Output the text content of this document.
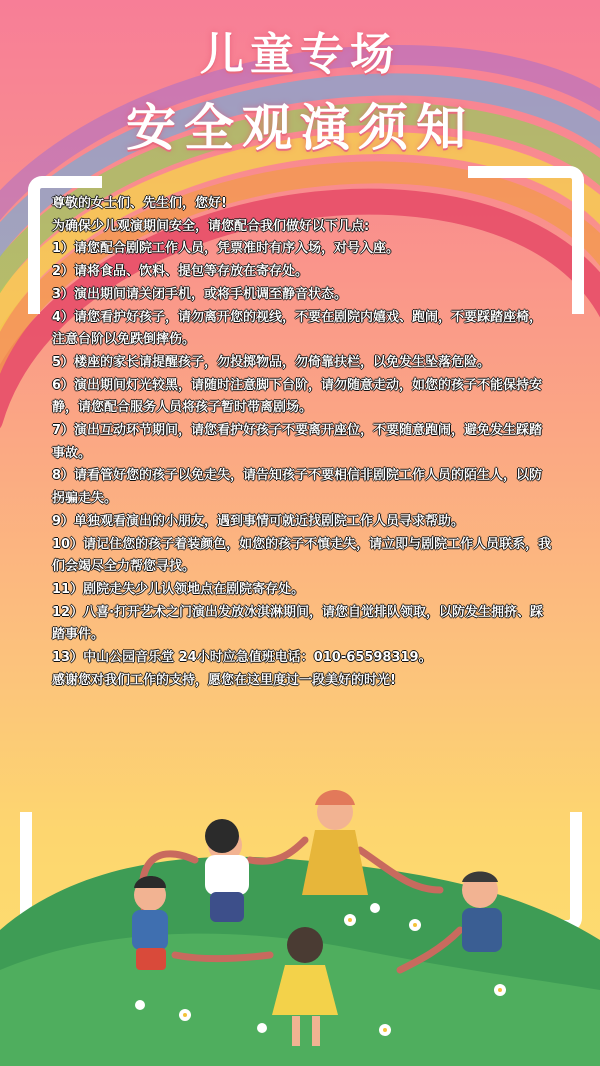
儿童专场
安全观演须知

尊敬的女士们、先生们，您好!

为确保少儿观演期间安全，请您配合我们做好以下几点:

1）请您配合剧院工作人员，凭票准时有序入场，对号入座。

2）请将食品、饮料、提包等存放在寄存处。

3）演出期间请关闭手机，或将手机调至静音状态。

4）请您看护好孩子，请勿离开您的视线，不要在剧院内嬉戏、跑闹，不要踩踏座椅，注意台阶以免跌倒摔伤。

5）楼座的家长请提醒孩子，勿投掷物品，勿倚靠扶栏，以免发生坠落危险。

6）演出期间灯光较黑，请随时注意脚下台阶，请勿随意走动，如您的孩子不能保持安静，请您配合服务人员将孩子暂时带离剧场。

7）演出互动环节期间，请您看护好孩子不要离开座位，不要随意跑闹，避免发生踩踏事故。

8）请看管好您的孩子以免走失，请告知孩子不要相信非剧院工作人员的陌生人，以防拐骗走失。

9）单独观看演出的小朋友，遇到事情可就近找剧院工作人员寻求帮助。

10）请记住您的孩子着装颜色，如您的孩子不慎走失，请立即与剧院工作人员联系，我们会竭尽全力帮您寻找。

11）剧院走失少儿认领地点在剧院寄存处。

12）八喜·打开艺术之门演出发放冰淇淋期间，请您自觉排队领取，以防发生拥挤、踩踏事件。

13）中山公园音乐堂 24小时应急值班电话：010-65598319。

感谢您对我们工作的支持，愿您在这里度过一段美好的时光!
